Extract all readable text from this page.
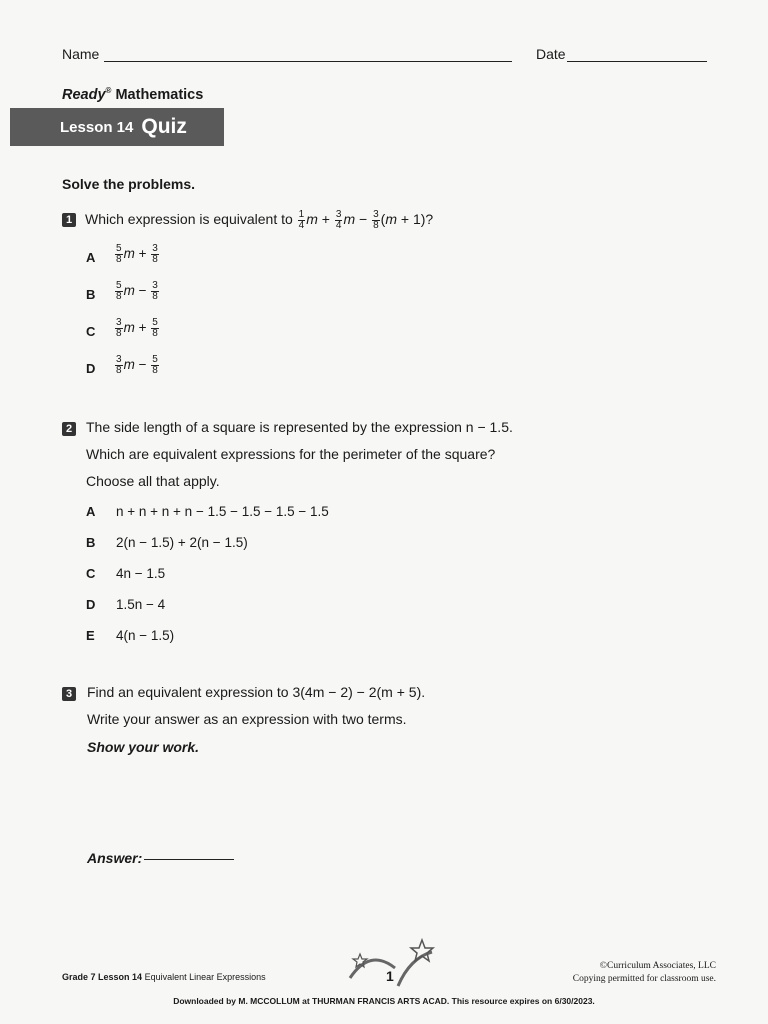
Name	Date
Ready® Mathematics
Lesson 14 Quiz
Solve the problems.
1 Which expression is equivalent to $\frac{1}{4}$ $m + \frac{3}{4}$ $m - \frac{3}{8} (m + 1)$?
A $\frac{5}{8}$ $m + \frac{3}{8}$
B $\frac{5}{8}$ $m - \frac{3}{8}$
C $\frac{3}{8}$ $m + \frac{5}{8}$
D $\frac{3}{8}$ $m - \frac{5}{8}$
2 The side length of a square is represented by the expression n − 1.5.
Which are equivalent expressions for the perimeter of the square?
Choose all that apply.
A n + n + n + n − 1.5 − 1.5 − 1.5 − 1.5
B 2(n − 1.5) + 2(n − 1.5)
C 4n − 1.5
D 1.5n − 4
E 4(n − 1.5)
3 Find an equivalent expression to 3(4m − 2) − 2(m + 5).
Write your answer as an expression with two terms.
Show your work.
Answer:
Grade 7 Lesson 14 Equivalent Linear Expressions	1
©Curriculum Associates, LLC
Copying permitted for classroom use.
Downloaded by M. MCCOLLUM at THURMAN FRANCIS ARTS ACAD. This resource expires on 6/30/2023.
